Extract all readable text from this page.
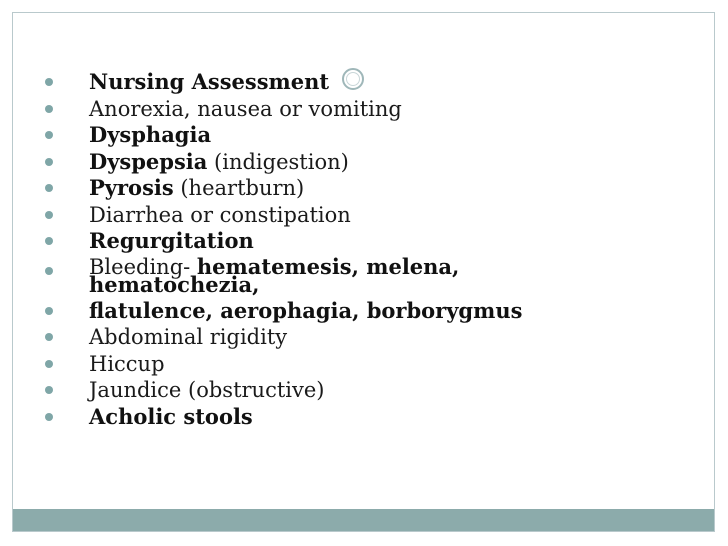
Nursing Assessment
Anorexia, nausea or vomiting
Dysphagia
Dyspepsia (indigestion)
Pyrosis (heartburn)
Diarrhea or constipation
Regurgitation
Bleeding- hematemesis, melena, hematochezia,
flatulence, aerophagia, borborygmus
Abdominal rigidity
Hiccup
Jaundice (obstructive)
Acholic stools
